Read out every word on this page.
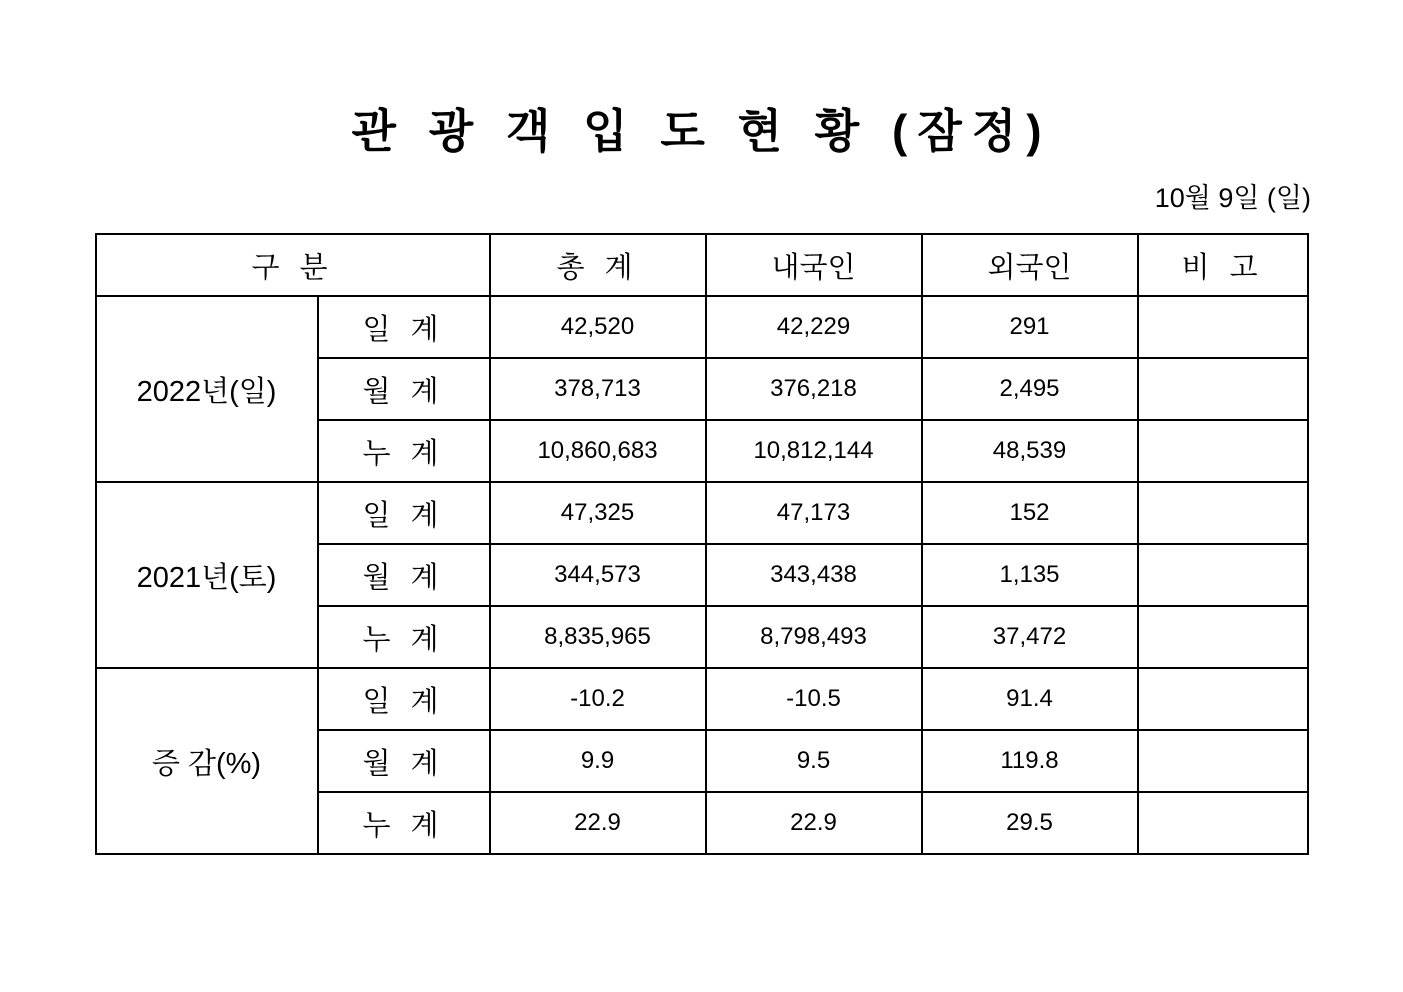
관 광 객 입 도 현 황 (잠정)
10월 9일 (일)
구 분		총 계	내국인	외국인	비 고
2022년(일)	일 계	42,520	42,229	291	
	월 계	378,713	376,218	2,495	
	누 계	10,860,683	10,812,144	48,539	
2021년(토)	일 계	47,325	47,173	152	
	월 계	344,573	343,438	1,135	
	누 계	8,835,965	8,798,493	37,472	
증 감(%)	일 계	-10.2	-10.5	91.4	
	월 계	9.9	9.5	119.8	
	누 계	22.9	22.9	29.5	
